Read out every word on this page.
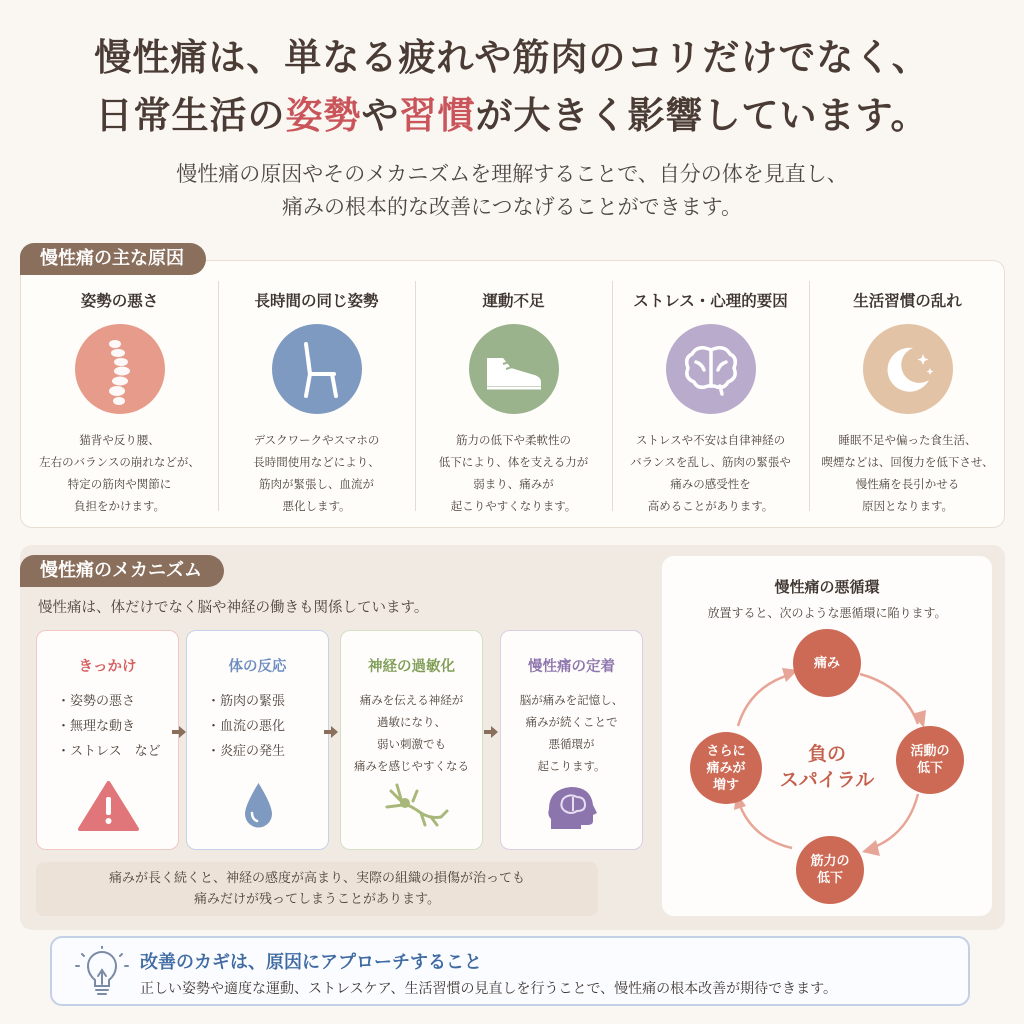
慢性痛は、単なる疲れや筋肉のコリだけでなく、
日常生活の姿勢や習慣が大きく影響しています。
慢性痛の原因やそのメカニズムを理解することで、自分の体を見直し、
痛みの根本的な改善につなげることができます。
姿勢の悪さ

猫背や反り腰、
左右のバランスの崩れなどが、
特定の筋肉や関節に
負担をかけます。

長時間の同じ姿勢

デスクワークやスマホの
長時間使用などにより、
筋肉が緊張し、血流が
悪化します。

運動不足

筋力の低下や柔軟性の
低下により、体を支える力が
弱まり、痛みが
起こりやすくなります。

ストレス・心理的要因

ストレスや不安は自律神経の
バランスを乱し、筋肉の緊張や
痛みの感受性を
高めることがあります。

生活習慣の乱れ

睡眠不足や偏った食生活、
喫煙などは、回復力を低下させ、
慢性痛を長引かせる
原因となります。

慢性痛の主な原因
慢性痛のメカニズム
慢性痛は、体だけでなく脳や神経の働きも関係しています。
きっかけ
・姿勢の悪さ
・無理な動き
・ストレス　など
体の反応
・筋肉の緊張
・血流の悪化
・炎症の発生
神経の過敏化
痛みを伝える神経が
過敏になり、
弱い刺激でも
痛みを感じやすくなる
慢性痛の定着
脳が痛みを記憶し、
痛みが続くことで
悪循環が
起こります。
痛みが長く続くと、神経の感度が高まり、実際の組織の損傷が治っても
痛みだけが残ってしまうことがあります。
慢性痛の悪循環
放置すると、次のような悪循環に陥ります。
痛み
活動の
低下
筋力の
低下
さらに
痛みが
増す
負の
スパイラル
改善のカギは、原因にアプローチすること

正しい姿勢や適度な運動、ストレスケア、生活習慣の見直しを行うことで、慢性痛の根本改善が期待できます。
